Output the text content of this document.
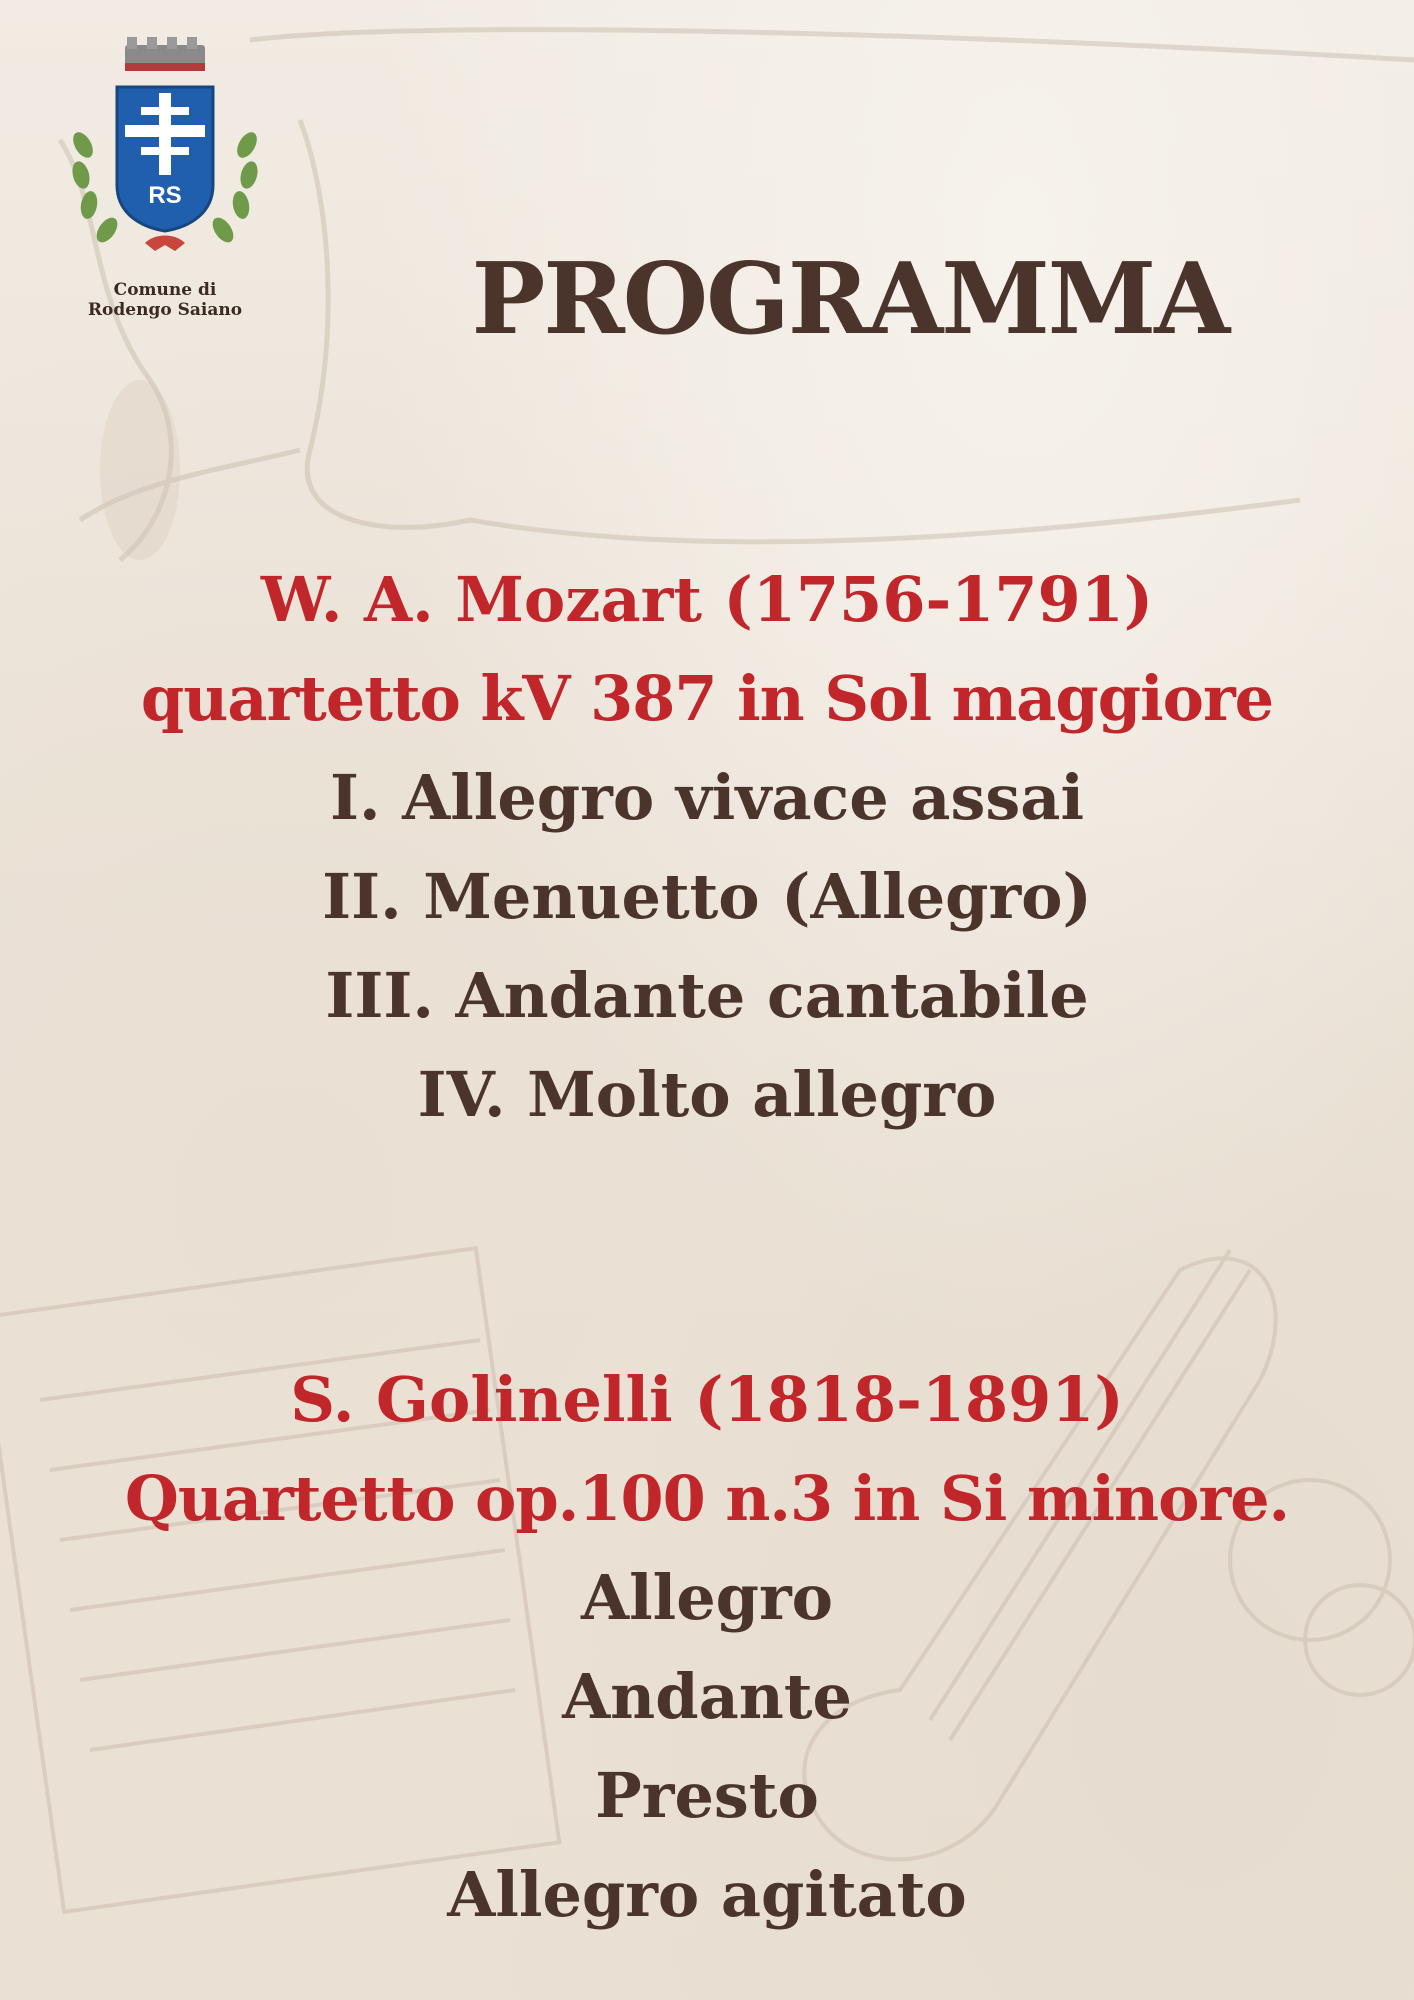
RS
Comune di
Rodengo Saiano	PROGRAMMA
W. A. Mozart (1756-1791)
quartetto kV 387 in Sol maggiore
I. Allegro vivace assai
II. Menuetto (Allegro)
III. Andante cantabile
IV. Molto allegro
S. Golinelli (1818-1891)
Quartetto op.100 n.3 in Si minore.
Allegro
Andante
Presto
Allegro agitato
